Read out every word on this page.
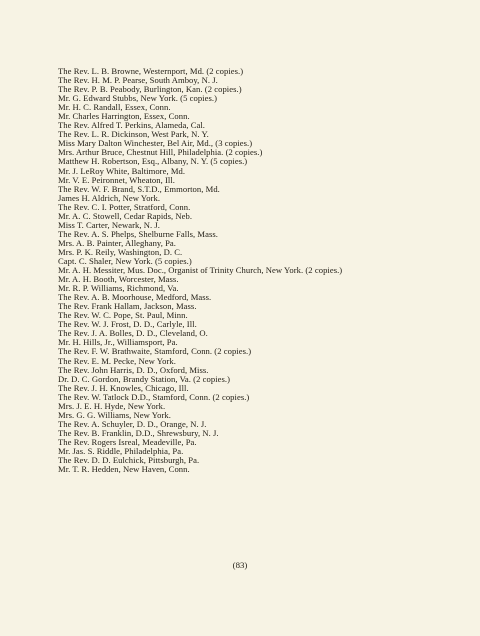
The Rev. L. B. Browne, Westernport, Md. (2 copies.)
The Rev. H. M. P. Pearse, South Amboy, N. J.
The Rev. P. B. Peabody, Burlington, Kan. (2 copies.)
Mr. G. Edward Stubbs, New York. (5 copies.)
Mr. H. C. Randall, Essex, Conn.
Mr. Charles Harrington, Essex, Conn.
The Rev. Alfred T. Perkins, Alameda, Cal.
The Rev. L. R. Dickinson, West Park, N. Y.
Miss Mary Dalton Winchester, Bel Air, Md., (3 copies.)
Mrs. Arthur Bruce, Chestnut Hill, Philadelphia. (2 copies.)
Matthew H. Robertson, Esq., Albany, N. Y. (5 copies.)
Mr. J. LeRoy White, Baltimore, Md.
Mr. V. E. Peironnet, Wheaton, Ill.
The Rev. W. F. Brand, S.T.D., Emmorton, Md.
James H. Aldrich, New York.
The Rev. C. I. Potter, Stratford, Conn.
Mr. A. C. Stowell, Cedar Rapids, Neb.
Miss T. Carter, Newark, N. J.
The Rev. A. S. Phelps, Shelburne Falls, Mass.
Mrs. A. B. Painter, Alleghany, Pa.
Mrs. P. K. Reily, Washington, D. C.
Capt. C. Shaler, New York. (5 copies.)
Mr. A. H. Messiter, Mus. Doc., Organist of Trinity Church, New York. (2 copies.)
Mr. A. H. Booth, Worcester, Mass.
Mr. R. P. Williams, Richmond, Va.
The Rev. A. B. Moorhouse, Medford, Mass.
The Rev. Frank Hallam, Jackson, Mass.
The Rev. W. C. Pope, St. Paul, Minn.
The Rev. W. J. Frost, D. D., Carlyle, Ill.
The Rev. J. A. Bolles, D. D., Cleveland, O.
Mr. H. Hills, Jr., Williamsport, Pa.
The Rev. F. W. Brathwaite, Stamford, Conn. (2 copies.)
The Rev. E. M. Pecke, New York.
The Rev. John Harris, D. D., Oxford, Miss.
Dr. D. C. Gordon, Brandy Station, Va. (2 copies.)
The Rev. J. H. Knowles, Chicago, Ill.
The Rev. W. Tatlock D.D., Stamford, Conn. (2 copies.)
Mrs. J. E. H. Hyde, New York.
Mrs. G. G. Williams, New York.
The Rev. A. Schuyler, D. D., Orange, N. J.
The Rev. B. Franklin, D.D., Shrewsbury, N. J.
The Rev. Rogers Isreal, Meadeville, Pa.
Mr. Jas. S. Riddle, Philadelphia, Pa.
The Rev. D. D. Eulchick, Pittsburgh, Pa.
Mr. T. R. Hedden, New Haven, Conn.
(83)
